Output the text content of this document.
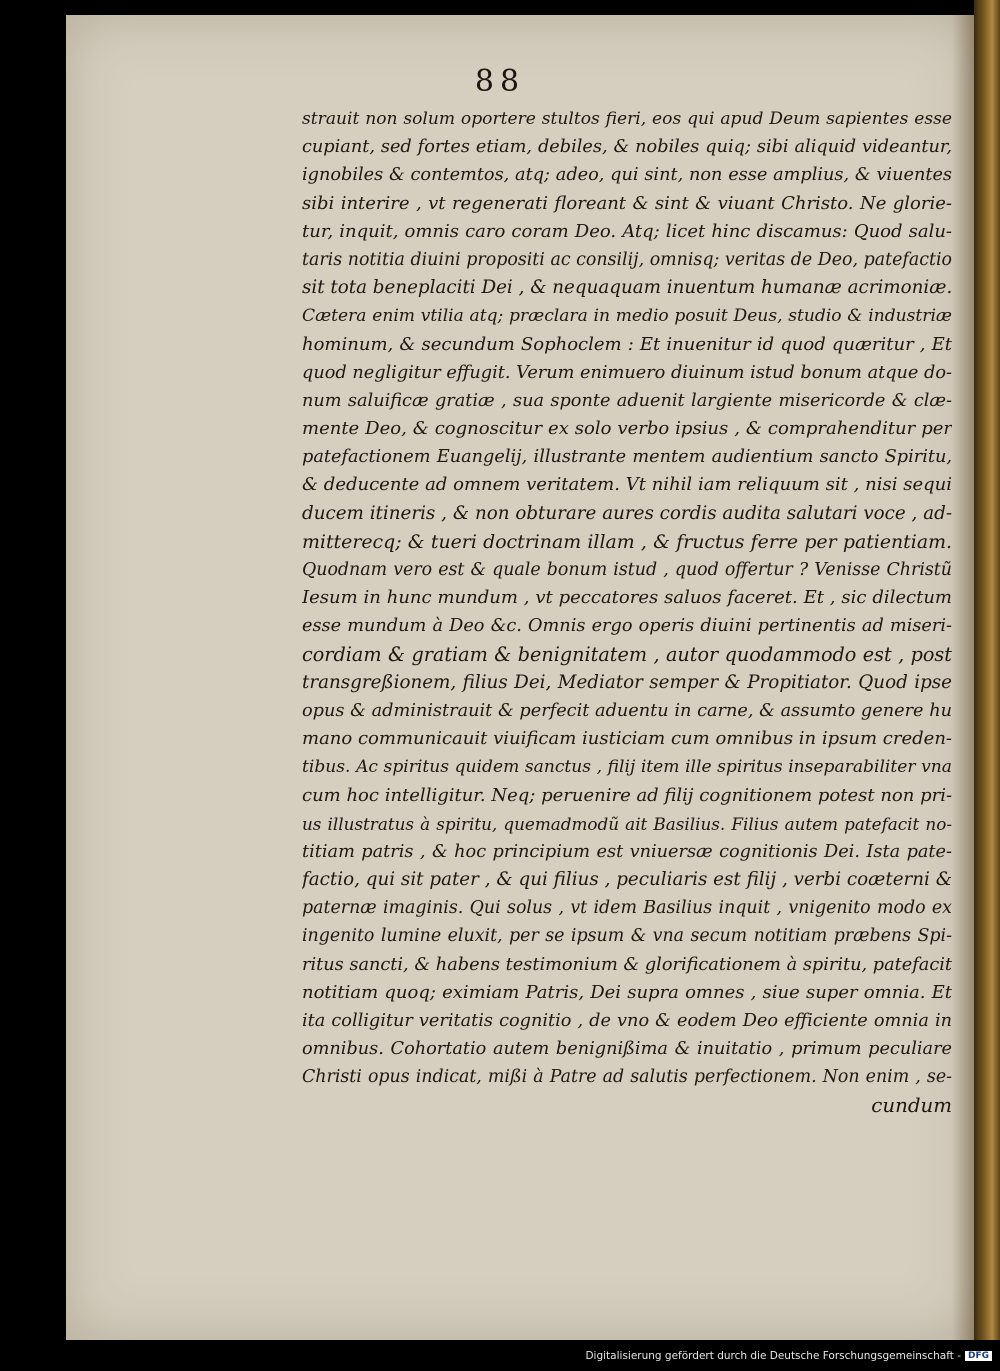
88
strauit non solum oportere stultos fieri, eos qui apud Deum sapientes esse
cupiant, sed fortes etiam, debiles, & nobiles quiq; sibi aliquid videantur,
ignobiles & contemtos, atq; adeo, qui sint, non esse amplius, & viuentes
sibi interire , vt regenerati floreant & sint & viuant Christo. Ne glorie-
tur, inquit, omnis caro coram Deo. Atq; licet hinc discamus: Quod salu-
taris notitia diuini propositi ac consilij, omnisq; veritas de Deo, patefactio
sit tota beneplaciti Dei , & nequaquam inuentum humanæ acrimoniæ.
Cætera enim vtilia atq; præclara in medio posuit Deus, studio & industriæ
hominum, & secundum Sophoclem : Et inuenitur id quod quæritur , Et
quod negligitur effugit. Verum enimuero diuinum istud bonum atque do-
num saluificæ gratiæ , sua sponte aduenit largiente misericorde & clæ-
mente Deo, & cognoscitur ex solo verbo ipsius , & comprahenditur per
patefactionem Euangelij, illustrante mentem audientium sancto Spiritu,
& deducente ad omnem veritatem. Vt nihil iam reliquum sit , nisi sequi
ducem itineris , & non obturare aures cordis audita salutari voce , ad-
mitterecq; & tueri doctrinam illam , & fructus ferre per patientiam.
Quodnam vero est & quale bonum istud , quod offertur ? Venisse Christũ
Iesum in hunc mundum , vt peccatores saluos faceret. Et , sic dilectum
esse mundum à Deo &c. Omnis ergo operis diuini pertinentis ad miseri-
cordiam & gratiam & benignitatem , autor quodammodo est , post
transgreßionem, filius Dei, Mediator semper & Propitiator. Quod ipse
opus & administrauit & perfecit aduentu in carne, & assumto genere hu
mano communicauit viuificam iusticiam cum omnibus in ipsum creden-
tibus. Ac spiritus quidem sanctus , filij item ille spiritus inseparabiliter vna
cum hoc intelligitur. Neq; peruenire ad filij cognitionem potest non pri-
us illustratus à spiritu, quemadmodũ ait Basilius. Filius autem patefacit no-
titiam patris , & hoc principium est vniuersæ cognitionis Dei. Ista pate-
factio, qui sit pater , & qui filius , peculiaris est filij , verbi coæterni &
paternæ imaginis. Qui solus , vt idem Basilius inquit , vnigenito modo ex
ingenito lumine eluxit, per se ipsum & vna secum notitiam præbens Spi-
ritus sancti, & habens testimonium & glorificationem à spiritu, patefacit
notitiam quoq; eximiam Patris, Dei supra omnes , siue super omnia. Et
ita colligitur veritatis cognitio , de vno & eodem Deo efficiente omnia in
omnibus. Cohortatio autem benignißima & inuitatio , primum peculiare
Christi opus indicat, mißi à Patre ad salutis perfectionem. Non enim , se-
cundum
Digitalisierung gefördert durch die Deutsche Forschungsgemeinschaft - DFG
